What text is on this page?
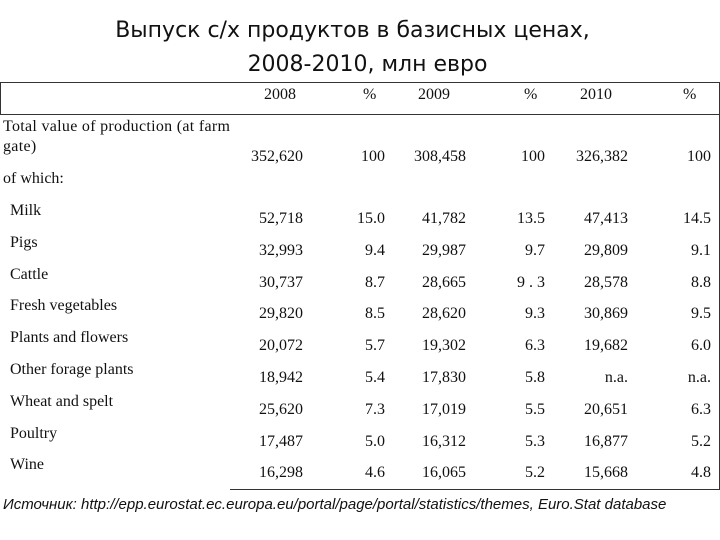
Выпуск с/х продуктов в базисных ценах,
2008-2010, млн евро
2008	%	2009	%	2010	%
Total value of production (at farm gate)
352,620	100 308,458	100 326,382	100
of which:
Milk	52,718	15.0 41,782	13.5 47,413	14.5
Pigs	32,993	9.4 29,987	9.7 29,809	9.1
Cattle	30,737	8.7 28,665	9 . 3 28,578	8.8
Fresh vegetables	29,820	8.5 28,620	9.3 30,869	9.5
Plants and flowers	20,072	5.7 19,302	6.3 19,682	6.0
Other forage plants	18,942	5.4 17,830	5.8	n.a.	n.a.
Wheat and spelt	25,620	7.3 17,019	5.5 20,651	6.3
Poultry	17,487	5.0 16,312	5.3 16,877	5.2
Wine	16,298	4.6 16,065	5.2 15,668	4.8
Источник: http://epp.eurostat.ec.europa.eu/portal/page/portal/statistics/themes, Euro.Stat database
